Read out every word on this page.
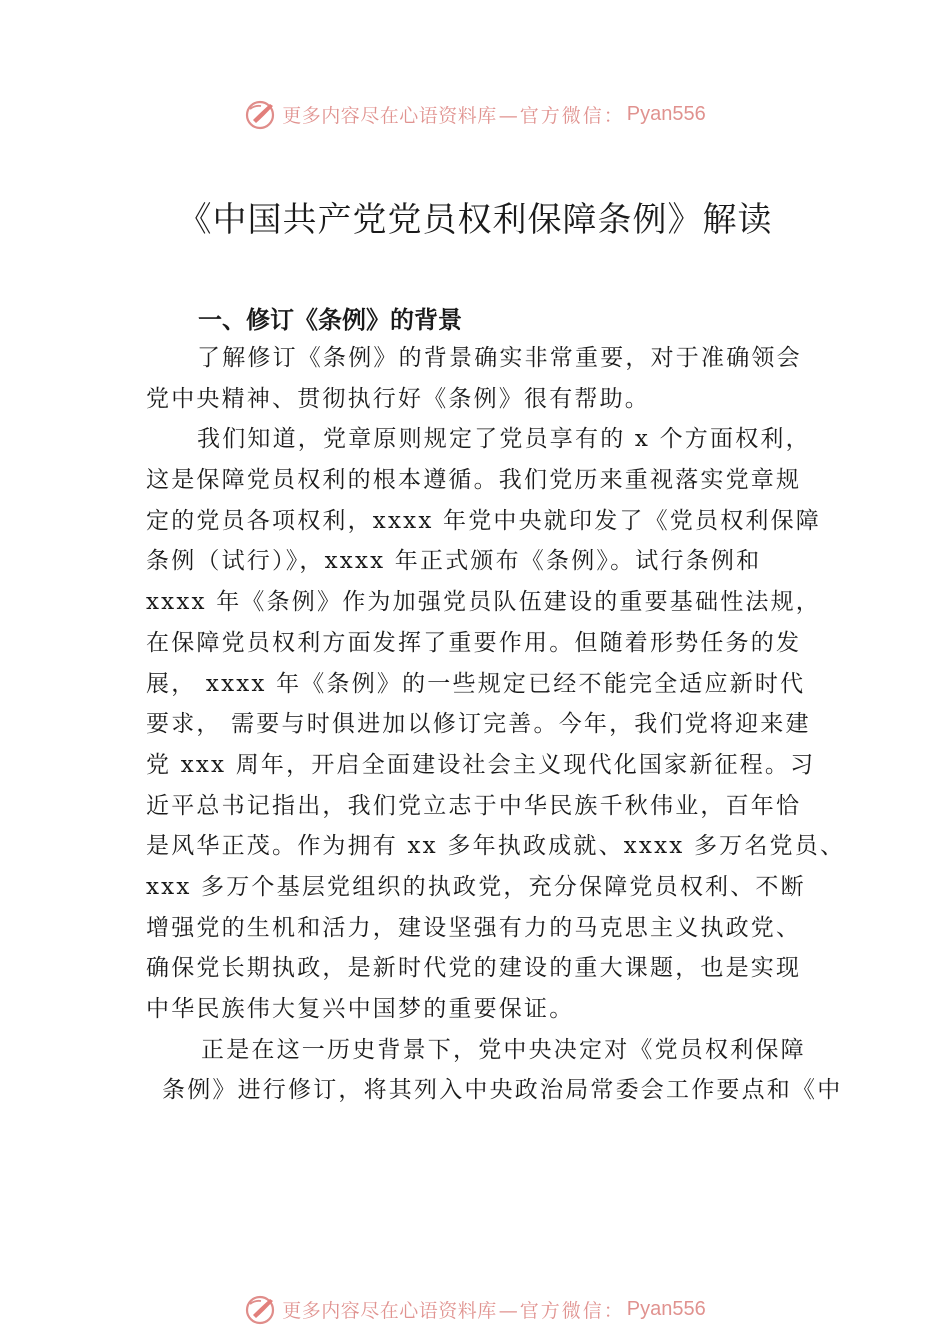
更多内容尽在心语资料库 —官方微信： Pyan556
《中国共产党党员权利保障条例》解读
一、修订《条例》的背景
了解修订《条例》的背景确实非常重要，对于准确领会
党中央精神、贯彻执行好《条例》很有帮助。
我们知道，党章原则规定了党员享有的 x 个方面权利，
这是保障党员权利的根本遵循。我们党历来重视落实党章规
定的党员各项权利，xxxx 年党中央就印发了《党员权利保障
条例（试行）》，xxxx 年正式颁布《条例》。试行条例和
xxxx 年《条例》作为加强党员队伍建设的重要基础性法规，
在保障党员权利方面发挥了重要作用。但随着形势任务的发
展， xxxx 年《条例》的一些规定已经不能完全适应新时代
要求， 需要与时俱进加以修订完善。今年，我们党将迎来建
党 xxx 周年，开启全面建设社会主义现代化国家新征程。习
近平总书记指出，我们党立志于中华民族千秋伟业，百年恰
是风华正茂。作为拥有 xx 多年执政成就、xxxx 多万名党员、
xxx 多万个基层党组织的执政党，充分保障党员权利、不断
增强党的生机和活力，建设坚强有力的马克思主义执政党、
确保党长期执政，是新时代党的建设的重大课题，也是实现
中华民族伟大复兴中国梦的重要保证。
正是在这一历史背景下，党中央决定对《党员权利保障
条例》进行修订，将其列入中央政治局常委会工作要点和《中
更多内容尽在心语资料库 —官方微信： Pyan556
